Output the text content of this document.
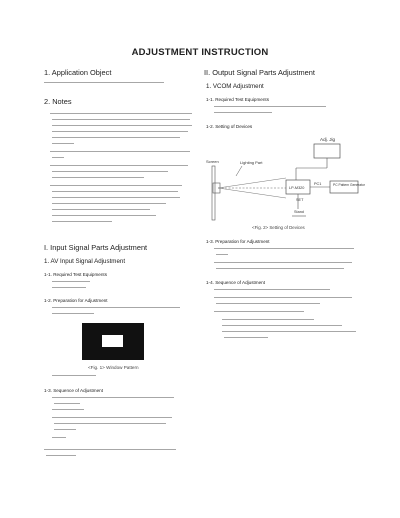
ADJUSTMENT INSTRUCTION
1. Application Object
2. Notes
I. Input Signal Parts Adjustment
1. AV Input Signal Adjustment
1-1. Required Test Equipments
1-2. Preparation for Adjustment
<Fig. 1> Window Pattern
1-3. Sequence of Adjustment
II. Output Signal Parts Adjustment
1. VCOM Adjustment
1-1. Required Test Equipments
1-2. Setting of Devices
Adj. Jig
Screen	Lighting Part
LP-M320
PC1	PC Pattern Generator
SET
Stand
<Fig. 2> Setting of Devices
1-3. Preparation for Adjustment
1-4. Sequence of Adjustment
